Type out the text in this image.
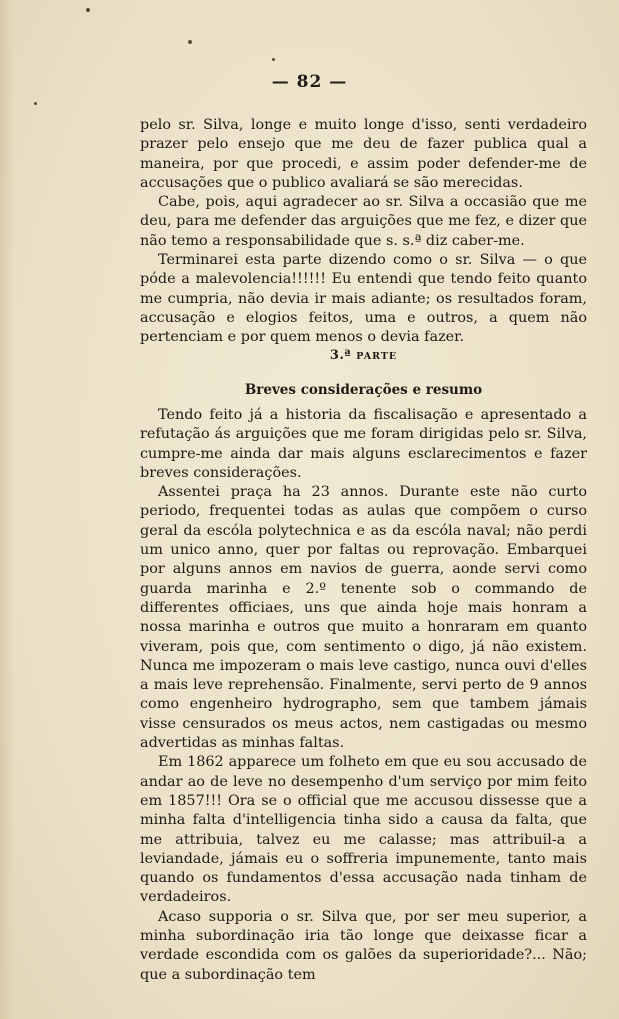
— 82 —

pelo sr. Silva, longe e muito longe d'isso, senti verdadeiro prazer pelo ensejo que me deu de fazer publica qual a maneira, por que procedi, e assim poder defender-me de accusações que o publico avaliará se são merecidas.

Cabe, pois, aqui agradecer ao sr. Silva a occasião que me deu, para me defender das arguições que me fez, e dizer que não temo a responsabilidade que s. s.ª diz caber-me.

Terminarei esta parte dizendo como o sr. Silva — o que póde a malevolencia!!!!!! Eu entendi que tendo feito quanto me cumpria, não devia ir mais adiante; os resultados foram, accusação e elogios feitos, uma e outros, a quem não pertenciam e por quem menos o devia fazer.

3.ª PARTE
Breves considerações e resumo

Tendo feito já a historia da fiscalisação e apresentado a refutação ás arguições que me foram dirigidas pelo sr. Silva, cumpre-me ainda dar mais alguns esclarecimentos e fazer breves considerações.

Assentei praça ha 23 annos. Durante este não curto periodo, frequentei todas as aulas que compõem o curso geral da escóla polytechnica e as da escóla naval; não perdi um unico anno, quer por faltas ou reprovação. Embarquei por alguns annos em navios de guerra, aonde servi como guarda marinha e 2.º tenente sob o commando de differentes officiaes, uns que ainda hoje mais honram a nossa marinha e outros que muito a honraram em quanto viveram, pois que, com sentimento o digo, já não existem. Nunca me impozeram o mais leve castigo, nunca ouvi d'elles a mais leve reprehensão. Finalmente, servi perto de 9 annos como engenheiro hydrographo, sem que tambem jámais visse censurados os meus actos, nem castigadas ou mesmo advertidas as minhas faltas.

Em 1862 apparece um folheto em que eu sou accusado de andar ao de leve no desempenho d'um serviço por mim feito em 1857!!! Ora se o official que me accusou dissesse que a minha falta d'intelligencia tinha sido a causa da falta, que me attribuia, talvez eu me calasse; mas attribuil-a a leviandade, jámais eu o soffreria impunemente, tanto mais quando os fundamentos d'essa accusação nada tinham de verdadeiros.

Acaso supporia o sr. Silva que, por ser meu superior, a minha subordinação iria tão longe que deixasse ficar a verdade escondida com os galões da superioridade?... Não; que a subordinação tem
